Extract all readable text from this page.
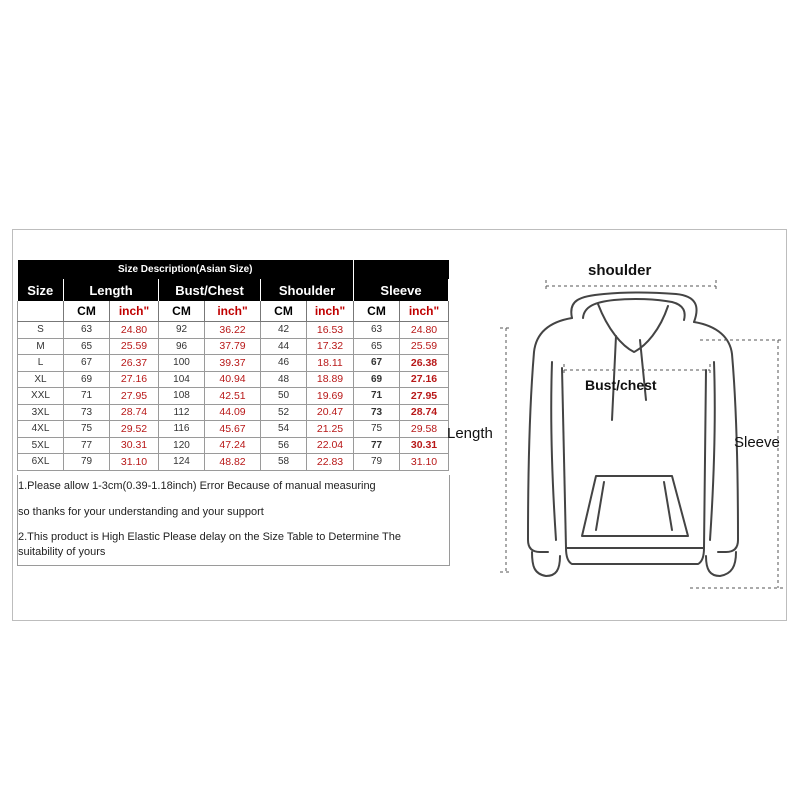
Size Description(Asian Size)								
Size	Length		Bust/Chest		Shoulder		Sleeve	
	CM	inch"	CM	inch"	CM	inch"	CM	inch"
S	63	24.80	92	36.22	42	16.53	63	24.80
M	65	25.59	96	37.79	44	17.32	65	25.59
L	67	26.37	100	39.37	46	18.11	67	26.38
XL	69	27.16	104	40.94	48	18.89	69	27.16
XXL	71	27.95	108	42.51	50	19.69	71	27.95
3XL	73	28.74	112	44.09	52	20.47	73	28.74
4XL	75	29.52	116	45.67	54	21.25	75	29.58
5XL	77	30.31	120	47.24	56	22.04	77	30.31
6XL	79	31.10	124	48.82	58	22.83	79	31.10
1.Please allow 1-3cm(0.39-1.18inch) Error Because of manual measuring
so thanks for your understanding and your support
2.This product is High Elastic Please delay on the Size Table to Determine The
suitability of yours
shoulder
Bust/chest
Length
Sleeve
